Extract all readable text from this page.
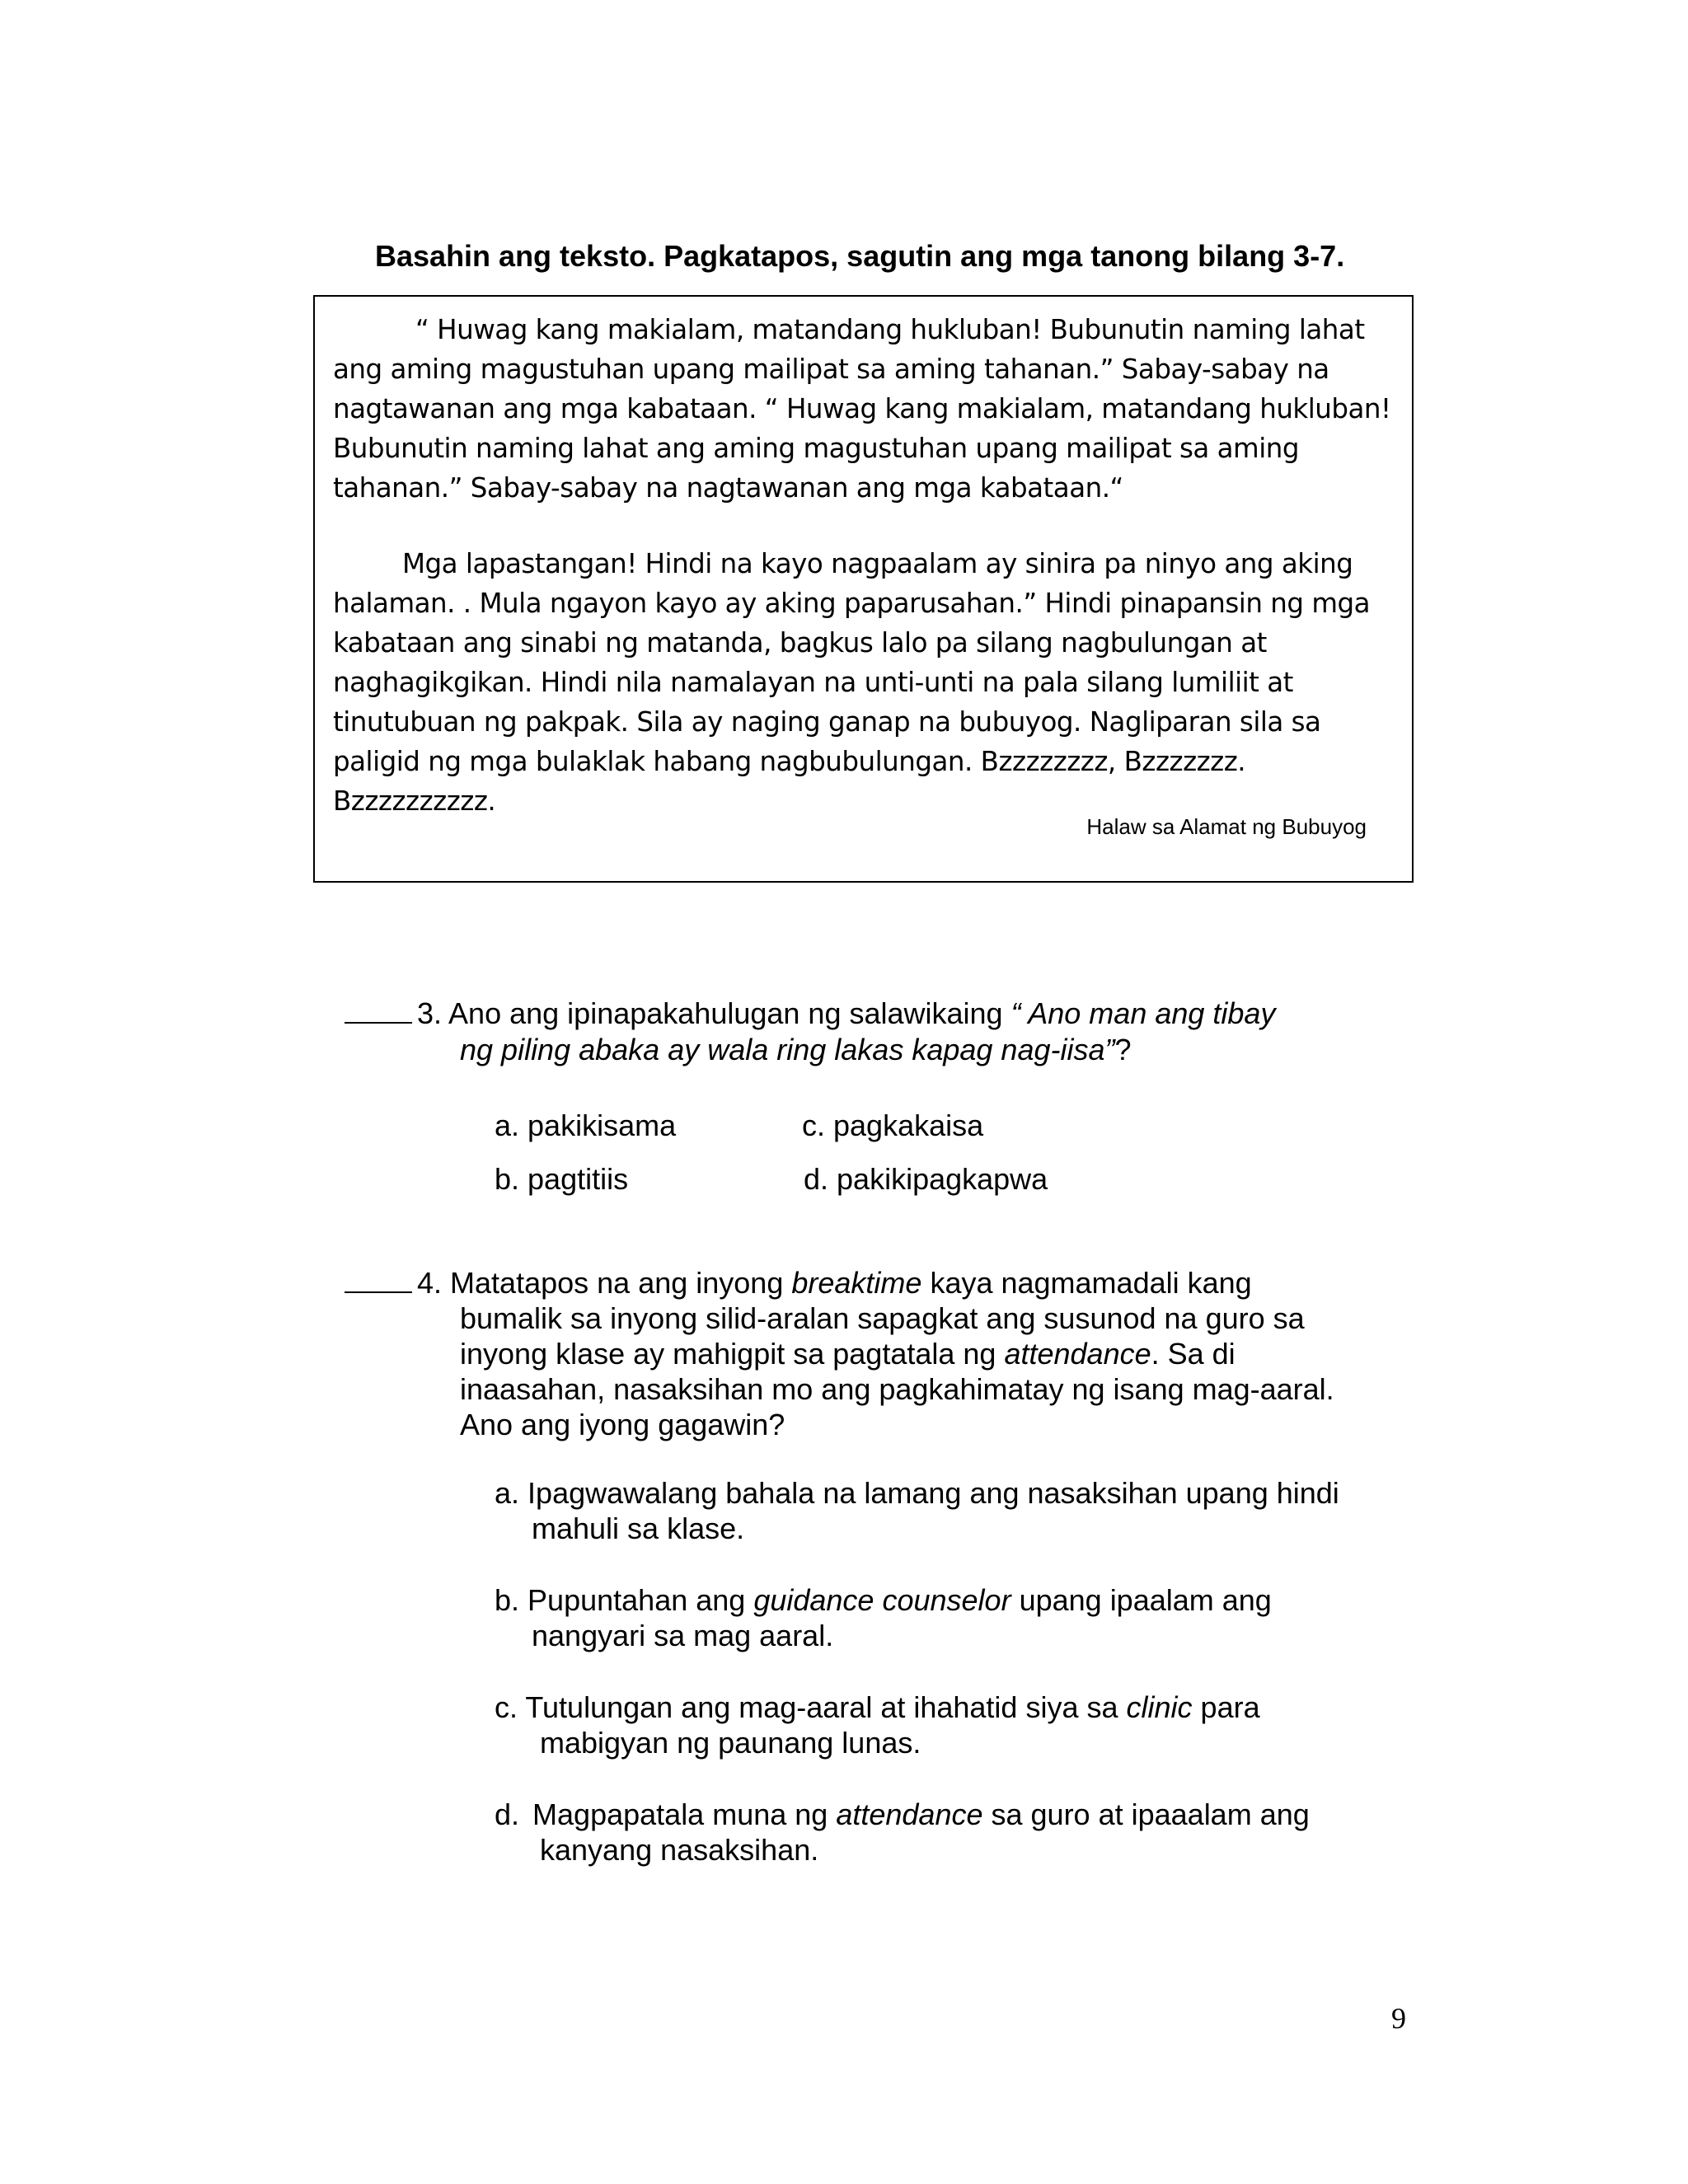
Basahin ang teksto. Pagkatapos, sagutin ang mga tanong bilang 3-7.

“ Huwag kang makialam, matandang hukluban! Bubunutin naming lahat ang aming magustuhan upang mailipat sa aming tahanan.” Sabay-sabay na nagtawanan ang mga kabataan. “ Huwag kang makialam, matandang hukluban! Bubunutin naming lahat ang aming magustuhan upang mailipat sa aming tahanan.” Sabay-sabay na nagtawanan ang mga kabataan.“

Mga lapastangan! Hindi na kayo nagpaalam ay sinira pa ninyo ang aking halaman. . Mula ngayon kayo ay aking paparusahan.” Hindi pinapansin ng mga kabataan ang sinabi ng matanda, bagkus lalo pa silang nagbulungan at naghagikgikan. Hindi nila namalayan na unti-unti na pala silang lumiliit at tinutubuan ng pakpak. Sila ay naging ganap na bubuyog. Nagliparan sila sa paligid ng mga bulaklak habang nagbubulungan. Bzzzzzzzz, Bzzzzzzz. Bzzzzzzzzzz.

Halaw sa Alamat ng Bubuyog
3. Ano ang ipinapakahulugan ng salawikaing “ Ano man ang tibay
ng piling abaka ay wala ring lakas kapag nag-iisa”?
a. pakikisama	c. pagkakaisa
b. pagtitiis	d. pakikipagkapwa
4. Matatapos na ang inyong breaktime kaya nagmamadali kang
bumalik sa inyong silid-aralan sapagkat ang susunod na guro sa
inyong klase ay mahigpit sa pagtatala ng attendance. Sa di
inaasahan, nasaksihan mo ang pagkahimatay ng isang mag-aaral.
Ano ang iyong gagawin?
a. Ipagwawalang bahala na lamang ang nasaksihan upang hindi
mahuli sa klase.
b. Pupuntahan ang guidance counselor upang ipaalam ang
nangyari sa mag aaral.
c. Tutulungan ang mag-aaral at ihahatid siya sa clinic para
mabigyan ng paunang lunas.
d. Magpapatala muna ng attendance sa guro at ipaaalam ang
kanyang nasaksihan.
9
